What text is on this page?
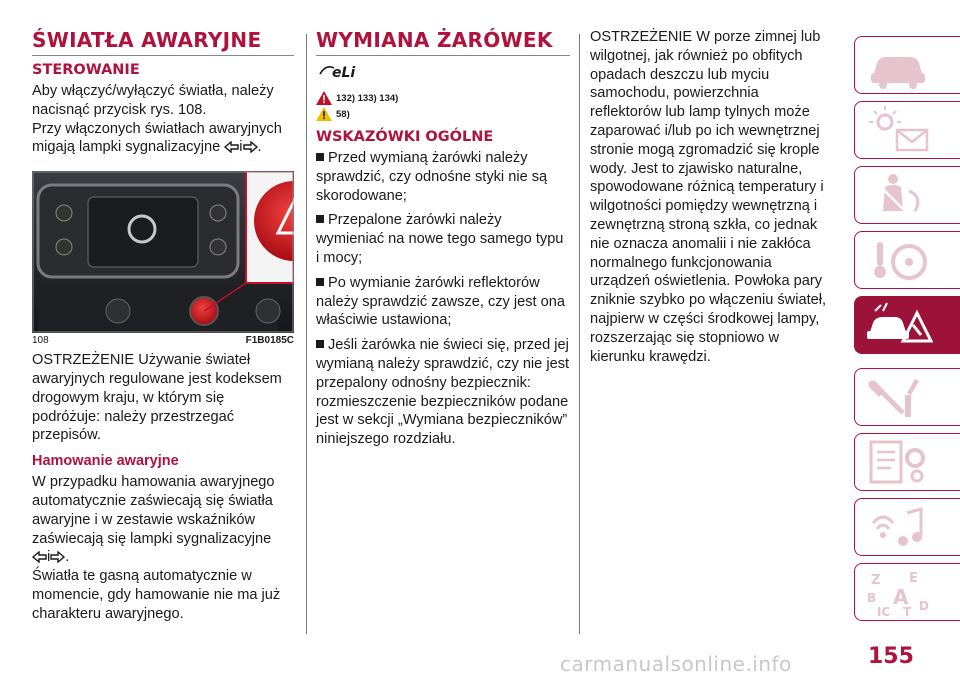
ŚWIATŁA AWARYJNE
STEROWANIE

Aby włączyć/wyłączyć światła, należy nacisnąć przycisk rys. 108.

Przy włączonych światłach awaryjnych migają lampki sygnalizacyjne i .

108	F1B0185C

OSTRZEŻENIE Używanie świateł awaryjnych regulowane jest kodeksem drogowym kraju, w którym się podróżuje: należy przestrzegać przepisów.

Hamowanie awaryjne

W przypadku hamowania awaryjnego automatycznie zaświecają się światła awaryjne i w zestawie wskaźników zaświecają się lampki sygnalizacyjne
i .

Światła te gasną automatycznie w momencie, gdy hamowanie nie ma już charakteru awaryjnego.

WYMIANA ŻARÓWEK
eLi
132) 133) 134)
58)
WSKAZÓWKI OGÓLNE
Przed wymianą żarówki należy sprawdzić, czy odnośne styki nie są skorodowane;
Przepalone żarówki należy wymieniać na nowe tego samego typu i mocy;
Po wymianie żarówki reflektorów należy sprawdzić zawsze, czy jest ona właściwie ustawiona;
Jeśli żarówka nie świeci się, przed jej wymianą należy sprawdzić, czy nie jest przepalony odnośny bezpiecznik: rozmieszczenie bezpieczników podane jest w sekcji „Wymiana bezpieczników” niniejszego rozdziału.

OSTRZEŻENIE W porze zimnej lub wilgotnej, jak również po obfitych opadach deszczu lub myciu samochodu, powierzchnia reflektorów lub lamp tylnych może zaparować i/lub po ich wewnętrznej stronie mogą zgromadzić się krople wody. Jest to zjawisko naturalne, spowodowane różnicą temperatury i wilgotności pomiędzy wewnętrzną i zewnętrzną stroną szkła, co jednak nie oznacza anomalii i nie zakłóca normalnego funkcjonowania urządzeń oświetlenia. Powłoka pary zniknie szybko po włączeniu świateł, najpierw w części środkowej lampy, rozszerzając się stopniowo w kierunku krawędzi.

Z E
B A
IC T D
155
carmanualsonline.info
